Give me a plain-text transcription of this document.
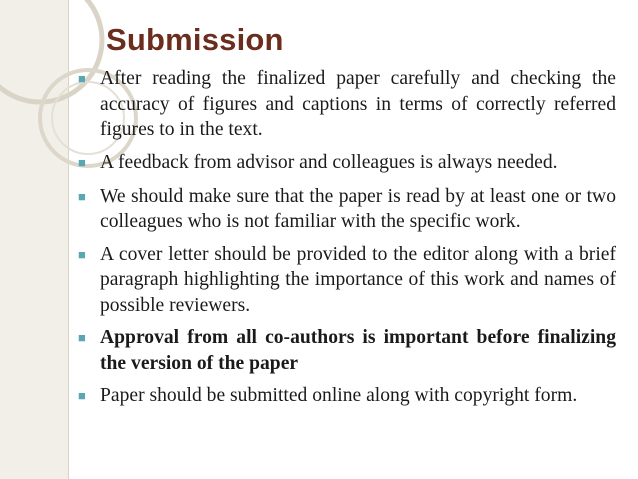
Submission
■ After reading the finalized paper carefully and checking the accuracy of figures and captions in terms of correctly referred figures to in the text.
■ A feedback from advisor and colleagues is always needed.
■ We should make sure that the paper is read by at least one or two colleagues who is not familiar with the specific work.
■ A cover letter should be provided to the editor along with a brief paragraph highlighting the importance of this work and names of possible reviewers.
■ Approval from all co-authors is important before finalizing the version of the paper
■ Paper should be submitted online along with copyright form.
